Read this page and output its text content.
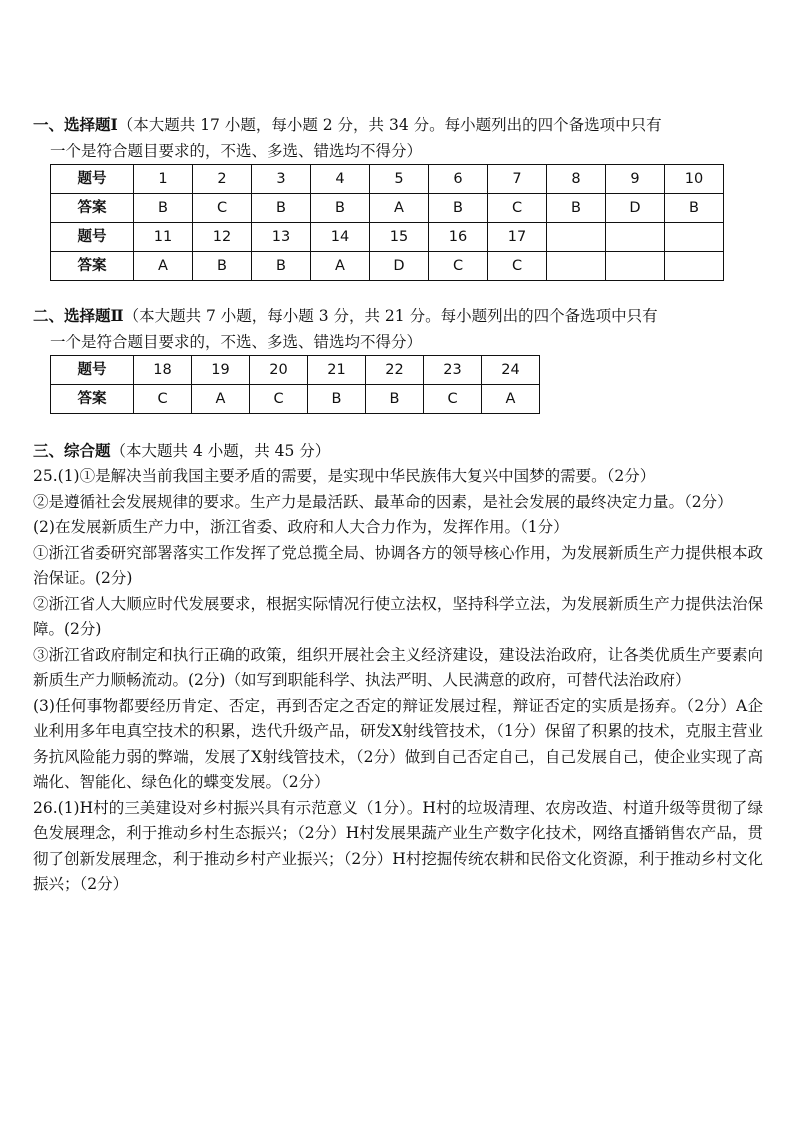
一、选择题Ⅰ（本大题共 17 小题，每小题 2 分，共 34 分。每小题列出的四个备选项中只有
一个是符合题目要求的，不选、多选、错选均不得分）

题号	1	2	3	4	5	6	7	8	9	10
答案	B	C	B	B	A	B	C	B	D	B
题号	11	12	13	14	15	16	17			
答案	A	B	B	A	D	C	C			

二、选择题Ⅱ（本大题共 7 小题，每小题 3 分，共 21 分。每小题列出的四个备选项中只有
一个是符合题目要求的，不选、多选、错选均不得分）

题号	18	19	20	21	22	23	24
答案	C	A	C	B	B	C	A

三、综合题（本大题共 4 小题，共 45 分）

25.(1)①是解决当前我国主要矛盾的需要，是实现中华民族伟大复兴中国梦的需要。（2分）

②是遵循社会发展规律的要求。生产力是最活跃、最革命的因素，是社会发展的最终决定力量。（2分）

(2)在发展新质生产力中，浙江省委、政府和人大合力作为，发挥作用。（1分）

①浙江省委研究部署落实工作发挥了党总揽全局、协调各方的领导核心作用，为发展新质生产力提供根本政治保证。(2分)

②浙江省人大顺应时代发展要求，根据实际情况行使立法权，坚持科学立法，为发展新质生产力提供法治保障。(2分)

③浙江省政府制定和执行正确的政策，组织开展社会主义经济建设，建设法治政府，让各类优质生产要素向新质生产力顺畅流动。(2分)（如写到职能科学、执法严明、人民满意的政府，可替代法治政府）

(3)任何事物都要经历肯定、否定，再到否定之否定的辩证发展过程，辩证否定的实质是扬弃。（2分）A企业利用多年电真空技术的积累，迭代升级产品，研发X射线管技术，（1分）保留了积累的技术，克服主营业务抗风险能力弱的弊端，发展了X射线管技术，（2分）做到自己否定自己，自己发展自己，使企业实现了高端化、智能化、绿色化的蝶变发展。（2分）

26.(1)H村的三美建设对乡村振兴具有示范意义（1分）。H村的垃圾清理、农房改造、村道升级等贯彻了绿色发展理念，利于推动乡村生态振兴；（2分）H村发展果蔬产业生产数字化技术，网络直播销售农产品，贯彻了创新发展理念，利于推动乡村产业振兴；（2分）H村挖掘传统农耕和民俗文化资源，利于推动乡村文化振兴；（2分）
